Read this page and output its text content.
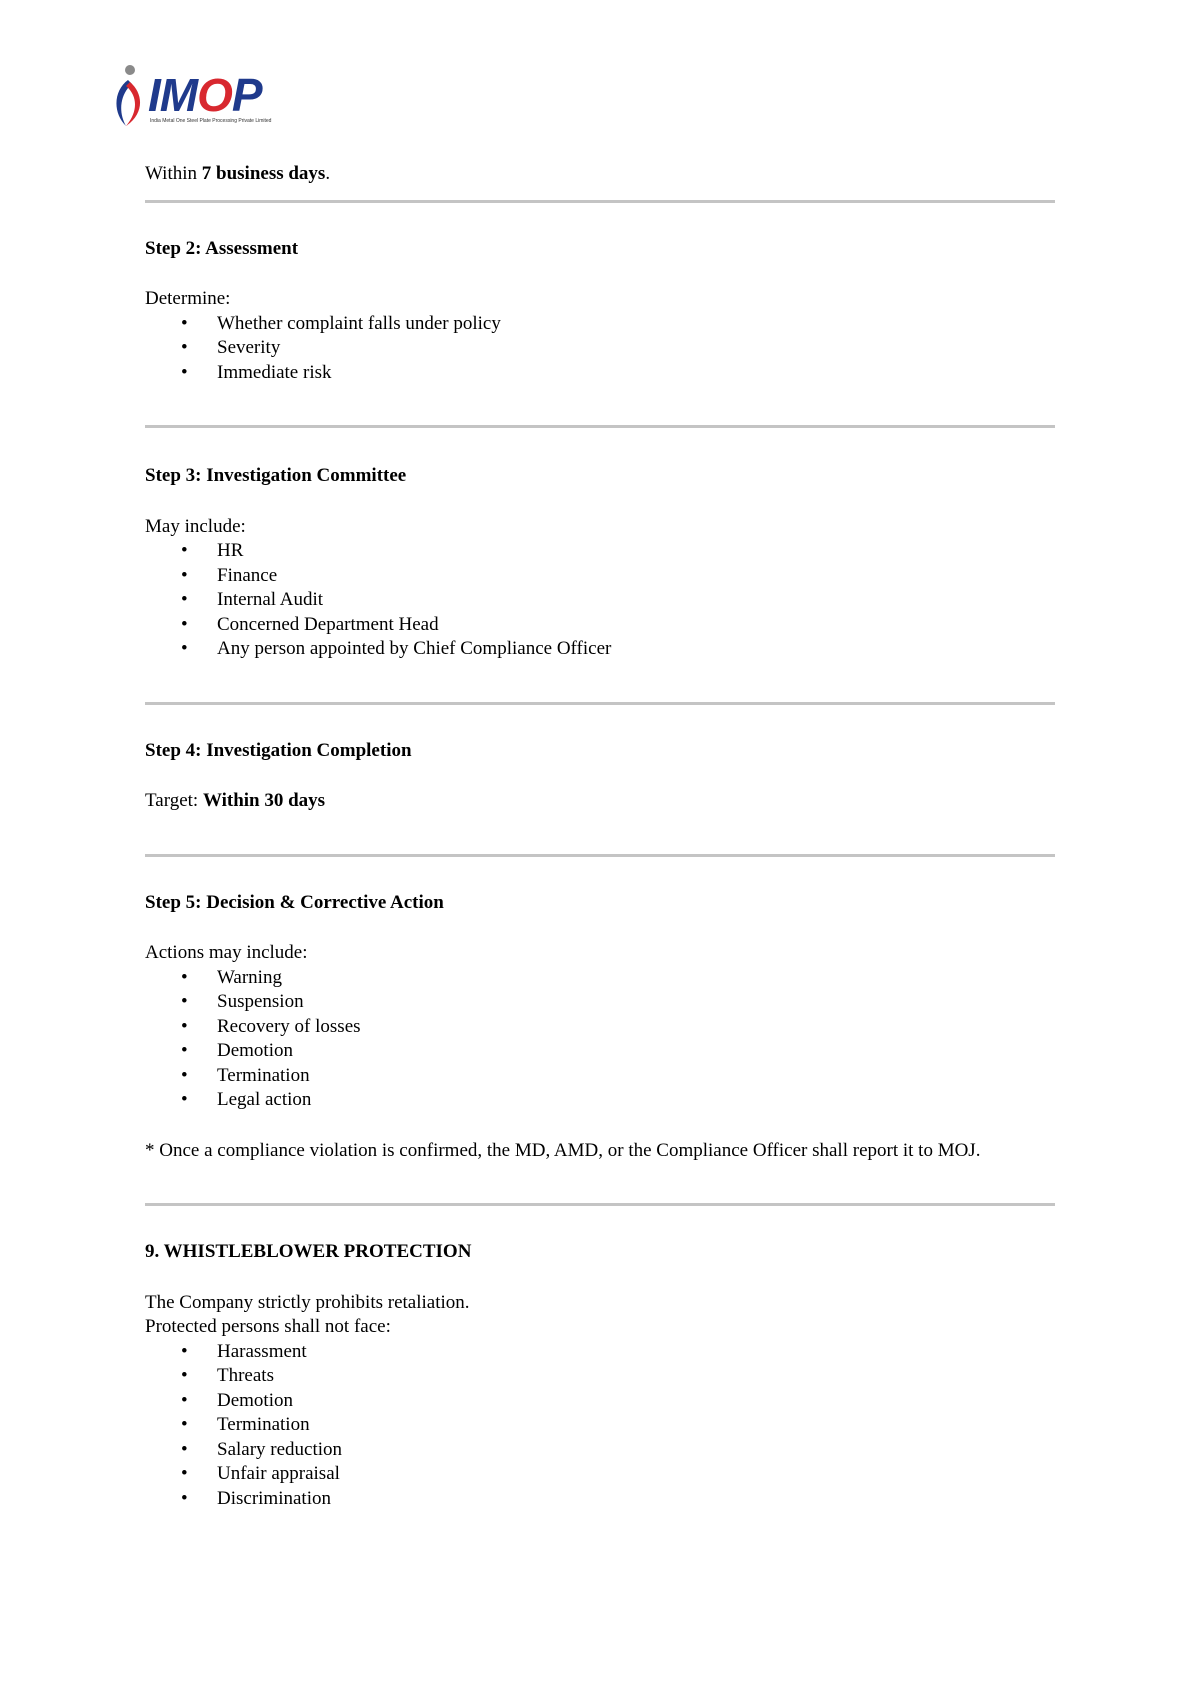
IMOP
India Metal One Steel Plate Processing Private Limited

Within 7 business days.

Step 2: Assessment

Determine:

• Whether complaint falls under policy
• Severity
• Immediate risk

Step 3: Investigation Committee

May include:

• HR
• Finance
• Internal Audit
• Concerned Department Head
• Any person appointed by Chief Compliance Officer

Step 4: Investigation Completion

Target: Within 30 days

Step 5: Decision & Corrective Action

Actions may include:

• Warning
• Suspension
• Recovery of losses
• Demotion
• Termination
• Legal action

* Once a compliance violation is confirmed, the MD, AMD, or the Compliance Officer shall report it to MOJ.

9. WHISTLEBLOWER PROTECTION

The Company strictly prohibits retaliation.

Protected persons shall not face:

• Harassment
• Threats
• Demotion
• Termination
• Salary reduction
• Unfair appraisal
• Discrimination
